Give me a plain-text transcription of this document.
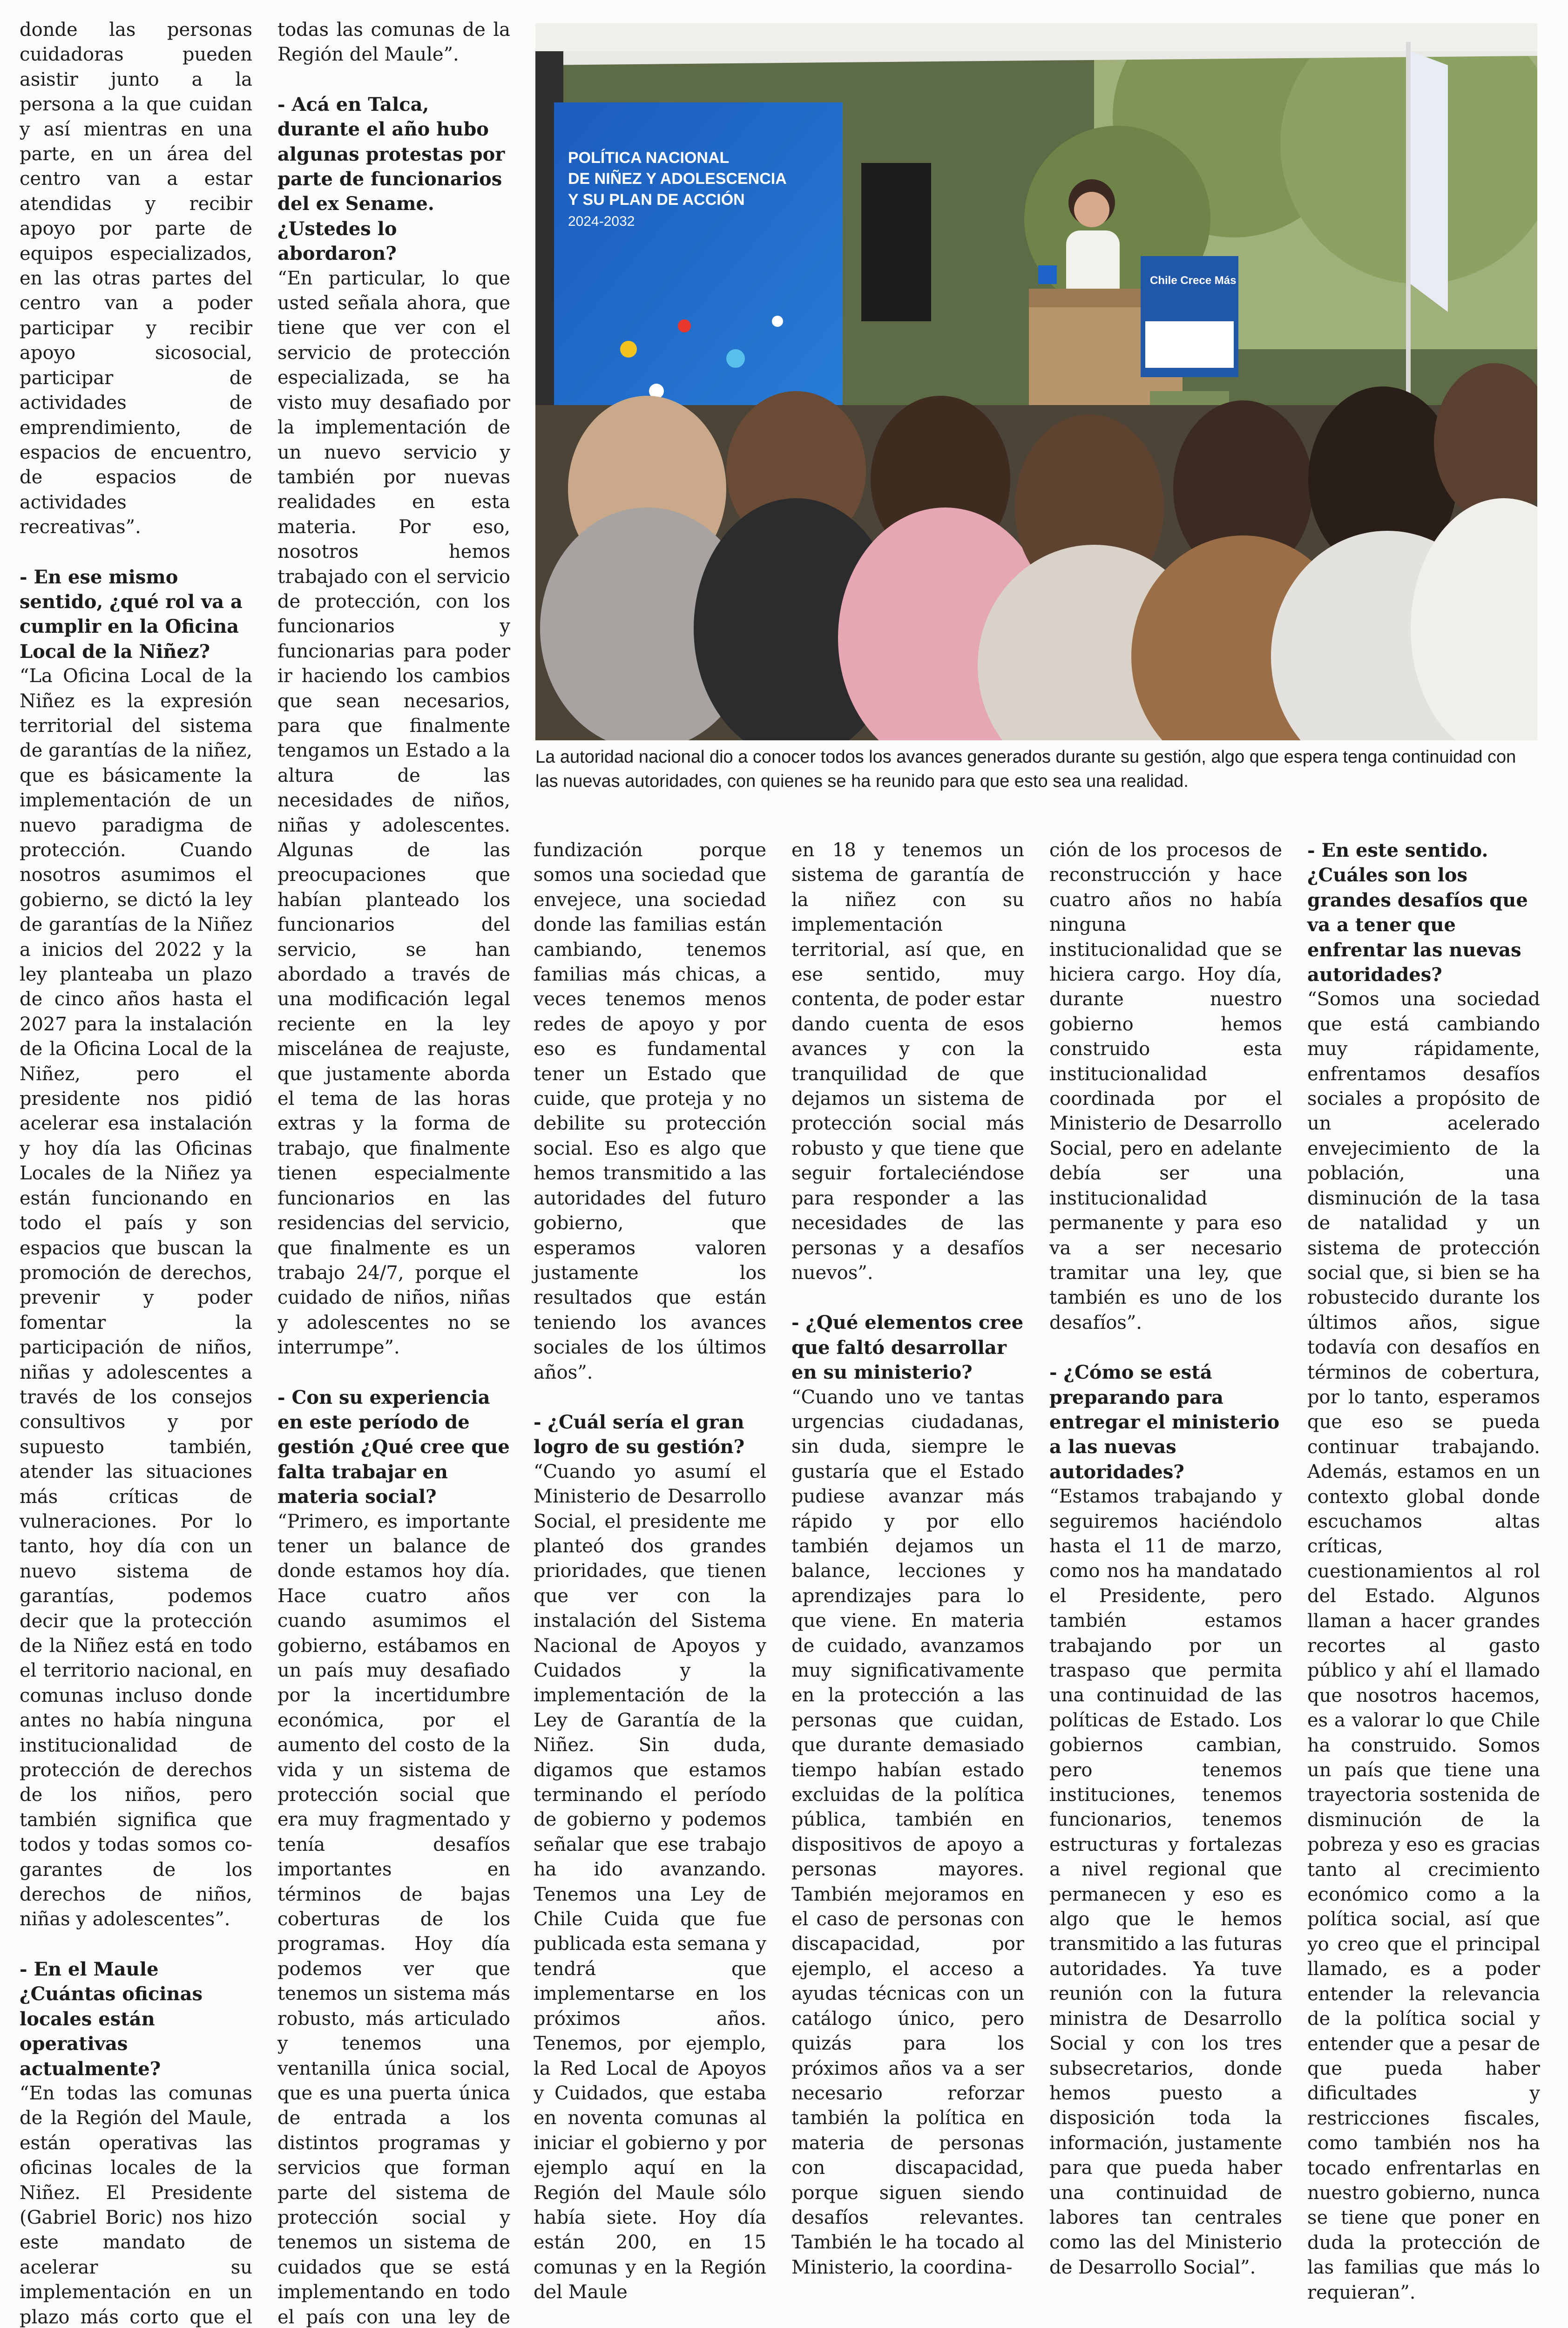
POLÍTICA NACIONAL
DE NIÑEZ Y ADOLESCENCIA
Y SU PLAN DE ACCIÓN
2024-2032
Chile Crece Más

La autoridad nacional dio a conocer todos los avances generados durante su gestión, algo que espera tenga continuidad con las nuevas autoridades, con quienes se ha reunido para que esto sea una realidad.

donde las personas cuidadoras pueden asistir junto a la persona a la que cuidan y así mientras en una parte, en un área del centro van a estar atendidas y recibir apoyo por parte de equipos especializados, en las otras partes del centro van a poder participar y recibir apoyo sicosocial, participar de actividades de emprendimiento, de espacios de encuentro, de espacios de actividades recreativas”.

- En ese mismo sentido, ¿qué rol va a cumplir en la Oficina Local de la Niñez?

“La Oficina Local de la Niñez es la expresión territorial del sistema de garantías de la niñez, que es básicamente la implementación de un nuevo paradigma de protección. Cuando nosotros asumimos el gobierno, se dictó la ley de garantías de la Niñez a inicios del 2022 y la ley planteaba un plazo de cinco años hasta el 2027 para la instalación de la Oficina Local de la Niñez, pero el presidente nos pidió acelerar esa instalación y hoy día las Oficinas Locales de la Niñez ya están funcionando en todo el país y son espacios que buscan la promoción de derechos, prevenir y poder fomentar la participación de niños, niñas y adolescentes a través de los consejos consultivos y por supuesto también, atender las situaciones más críticas de vulneraciones. Por lo tanto, hoy día con un nuevo sistema de garantías, podemos decir que la protección de la Niñez está en todo el territorio nacional, en comunas incluso donde antes no había ninguna institucionalidad de protección de derechos de los niños, pero también significa que todos y todas somos co-garantes de los derechos de niños, niñas y adolescentes”.

- En el Maule ¿Cuántas oficinas locales están operativas actualmente?

“En todas las comunas de la Región del Maule, están operativas las oficinas locales de la Niñez. El Presidente (Gabriel Boric) nos hizo este mandato de acelerar su implementación en un plazo más corto que el

todas las comunas de la Región del Maule”.

- Acá en Talca, durante el año hubo algunas protestas por parte de funcionarios del ex Sename. ¿Ustedes lo abordaron?

“En particular, lo que usted señala ahora, que tiene que ver con el servicio de protección especializada, se ha visto muy desafiado por la implementación de un nuevo servicio y también por nuevas realidades en esta materia. Por eso, nosotros hemos trabajado con el servicio de protección, con los funcionarios y funcionarias para poder ir haciendo los cambios que sean necesarios, para que finalmente tengamos un Estado a la altura de las necesidades de niños, niñas y adolescentes. Algunas de las preocupaciones que habían planteado los funcionarios del servicio, se han abordado a través de una modificación legal reciente en la ley miscelánea de reajuste, que justamente aborda el tema de las horas extras y la forma de trabajo, que finalmente tienen especialmente funcionarios en las residencias del servicio, que finalmente es un trabajo 24/7, porque el cuidado de niños, niñas y adolescentes no se interrumpe”.

- Con su experiencia en este período de gestión ¿Qué cree que falta trabajar en materia social?

“Primero, es importante tener un balance de donde estamos hoy día. Hace cuatro años cuando asumimos el gobierno, estábamos en un país muy desafiado por la incertidumbre económica, por el aumento del costo de la vida y un sistema de protección social que era muy fragmentado y tenía desafíos importantes en términos de bajas coberturas de los programas. Hoy día podemos ver que tenemos un sistema más robusto, más articulado y tenemos una ventanilla única social, que es una puerta única de entrada a los distintos programas y servicios que forman parte del sistema de protección social y tenemos un sistema de cuidados que se está implementando en todo el país con una ley de

fundización porque somos una sociedad que envejece, una sociedad donde las familias están cambiando, tenemos familias más chicas, a veces tenemos menos redes de apoyo y por eso es fundamental tener un Estado que cuide, que proteja y no debilite su protección social. Eso es algo que hemos transmitido a las autoridades del futuro gobierno, que esperamos valoren justamente los resultados que están teniendo los avances sociales de los últimos años”.

- ¿Cuál sería el gran logro de su gestión?

“Cuando yo asumí el Ministerio de Desarrollo Social, el presidente me planteó dos grandes prioridades, que tienen que ver con la instalación del Sistema Nacional de Apoyos y Cuidados y la implementación de la Ley de Garantía de la Niñez. Sin duda, digamos que estamos terminando el período de gobierno y podemos señalar que ese trabajo ha ido avanzando. Tenemos una Ley de Chile Cuida que fue publicada esta semana y tendrá que implementarse en los próximos años. Tenemos, por ejemplo, la Red Local de Apoyos y Cuidados, que estaba en noventa comunas al iniciar el gobierno y por ejemplo aquí en la Región del Maule sólo había siete. Hoy día están 200, en 15 comunas y en la Región del Maule

en 18 y tenemos un sistema de garantía de la niñez con su implementación territorial, así que, en ese sentido, muy contenta, de poder estar dando cuenta de esos avances y con la tranquilidad de que dejamos un sistema de protección social más robusto y que tiene que seguir fortaleciéndose para responder a las necesidades de las personas y a desafíos nuevos”.

- ¿Qué elementos cree que faltó desarrollar en su ministerio?

“Cuando uno ve tantas urgencias ciudadanas, sin duda, siempre le gustaría que el Estado pudiese avanzar más rápido y por ello también dejamos un balance, lecciones y aprendizajes para lo que viene. En materia de cuidado, avanzamos muy significativamente en la protección a las personas que cuidan, que durante demasiado tiempo habían estado excluidas de la política pública, también en dispositivos de apoyo a personas mayores. También mejoramos en el caso de personas con discapacidad, por ejemplo, el acceso a ayudas técnicas con un catálogo único, pero quizás para los próximos años va a ser necesario reforzar también la política en materia de personas con discapacidad, porque siguen siendo desafíos relevantes. También le ha tocado al Ministerio, la coordina-

ción de los procesos de reconstrucción y hace cuatro años no había ninguna institucionalidad que se hiciera cargo. Hoy día, durante nuestro gobierno hemos construido esta institucionalidad coordinada por el Ministerio de Desarrollo Social, pero en adelante debía ser una institucionalidad permanente y para eso va a ser necesario tramitar una ley, que también es uno de los desafíos”.

- ¿Cómo se está preparando para entregar el ministerio a las nuevas autoridades?

“Estamos trabajando y seguiremos haciéndolo hasta el 11 de marzo, como nos ha mandatado el Presidente, pero también estamos trabajando por un traspaso que permita una continuidad de las políticas de Estado. Los gobiernos cambian, pero tenemos instituciones, tenemos funcionarios, tenemos estructuras y fortalezas a nivel regional que permanecen y eso es algo que le hemos transmitido a las futuras autoridades. Ya tuve reunión con la futura ministra de Desarrollo Social y con los tres subsecretarios, donde hemos puesto a disposición toda la información, justamente para que pueda haber una continuidad de labores tan centrales como las del Ministerio de Desarrollo Social”.

- En este sentido. ¿Cuáles son los grandes desafíos que va a tener que enfrentar las nuevas autoridades?

“Somos una sociedad que está cambiando muy rápidamente, enfrentamos desafíos sociales a propósito de un acelerado envejecimiento de la población, una disminución de la tasa de natalidad y un sistema de protección social que, si bien se ha robustecido durante los últimos años, sigue todavía con desafíos en términos de cobertura, por lo tanto, esperamos que eso se pueda continuar trabajando. Además, estamos en un contexto global donde escuchamos altas críticas, cuestionamientos al rol del Estado. Algunos llaman a hacer grandes recortes al gasto público y ahí el llamado que nosotros hacemos, es a valorar lo que Chile ha construido. Somos un país que tiene una trayectoria sostenida de disminución de la pobreza y eso es gracias tanto al crecimiento económico como a la política social, así que yo creo que el principal llamado, es a poder entender la relevancia de la política social y entender que a pesar de que pueda haber dificultades y restricciones fiscales, como también nos ha tocado enfrentarlas en nuestro gobierno, nunca se tiene que poner en duda la protección de las familias que más lo requieran”.
